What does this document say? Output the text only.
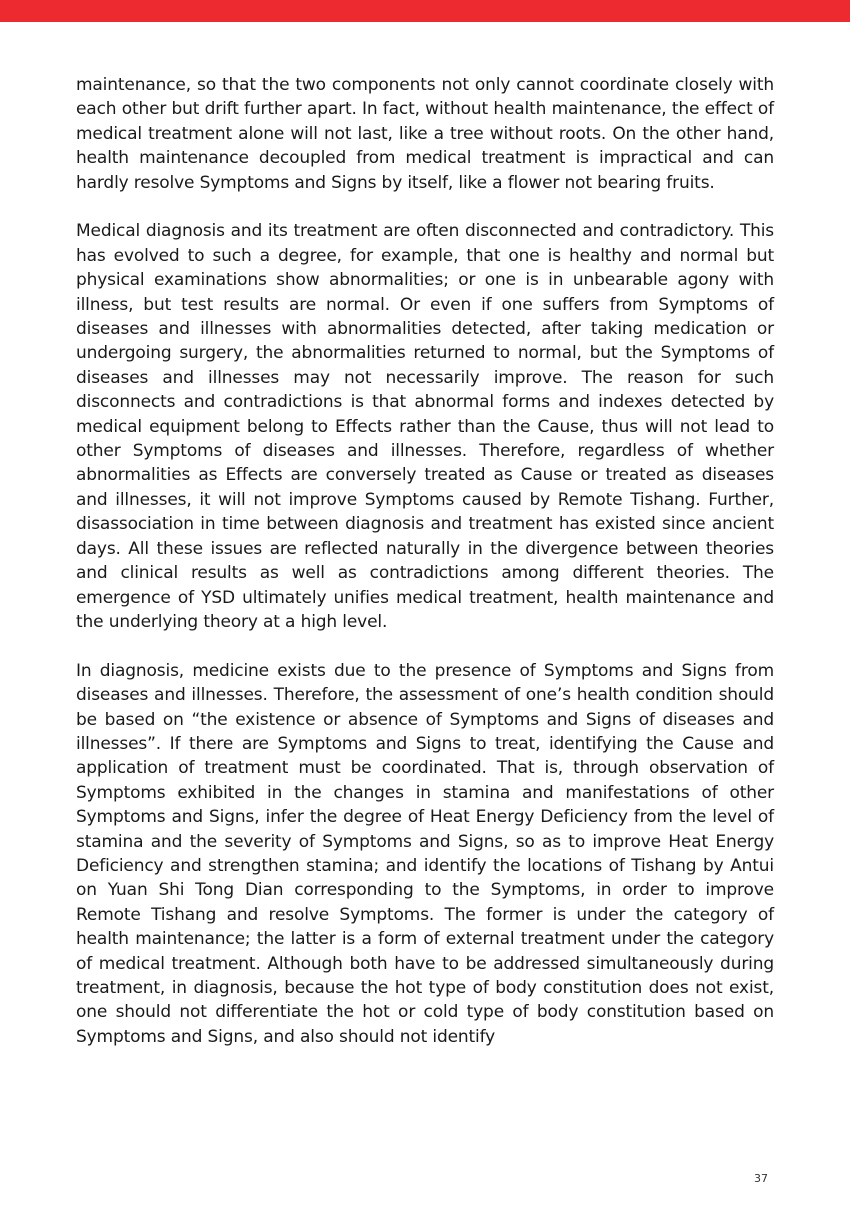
maintenance, so that the two components not only cannot coordinate closely with each other but drift further apart. In fact, without health maintenance, the effect of medical treatment alone will not last, like a tree without roots. On the other hand, health maintenance decoupled from medical treatment is impractical and can hardly resolve Symptoms and Signs by itself, like a flower not bearing fruits.

Medical diagnosis and its treatment are often disconnected and contradictory. This has evolved to such a degree, for example, that one is healthy and normal but physical examinations show abnormalities; or one is in unbearable agony with illness, but test results are normal. Or even if one suffers from Symptoms of diseases and illnesses with abnormalities detected, after taking medication or undergoing surgery, the abnormalities returned to normal, but the Symptoms of diseases and illnesses may not necessarily improve. The reason for such disconnects and contradictions is that abnormal forms and indexes detected by medical equipment belong to Effects rather than the Cause, thus will not lead to other Symptoms of diseases and illnesses. Therefore, regardless of whether abnormalities as Effects are conversely treated as Cause or treated as diseases and illnesses, it will not improve Symptoms caused by Remote Tishang. Further, disassociation in time between diagnosis and treatment has existed since ancient days. All these issues are reflected naturally in the divergence between theories and clinical results as well as contradictions among different theories. The emergence of YSD ultimately unifies medical treatment, health maintenance and the underlying theory at a high level.

In diagnosis, medicine exists due to the presence of Symptoms and Signs from diseases and illnesses. Therefore, the assessment of one’s health condition should be based on “the existence or absence of Symptoms and Signs of diseases and illnesses”. If there are Symptoms and Signs to treat, identifying the Cause and application of treatment must be coordinated. That is, through observation of Symptoms exhibited in the changes in stamina and manifestations of other Symptoms and Signs, infer the degree of Heat Energy Deficiency from the level of stamina and the severity of Symptoms and Signs, so as to improve Heat Energy Deficiency and strengthen stamina; and identify the locations of Tishang by Antui on Yuan Shi Tong Dian corresponding to the Symptoms, in order to improve Remote Tishang and resolve Symptoms. The former is under the category of health maintenance; the latter is a form of external treatment under the category of medical treatment. Although both have to be addressed simultaneously during treatment, in diagnosis, because the hot type of body constitution does not exist, one should not differentiate the hot or cold type of body constitution based on Symptoms and Signs, and also should not identify

37
